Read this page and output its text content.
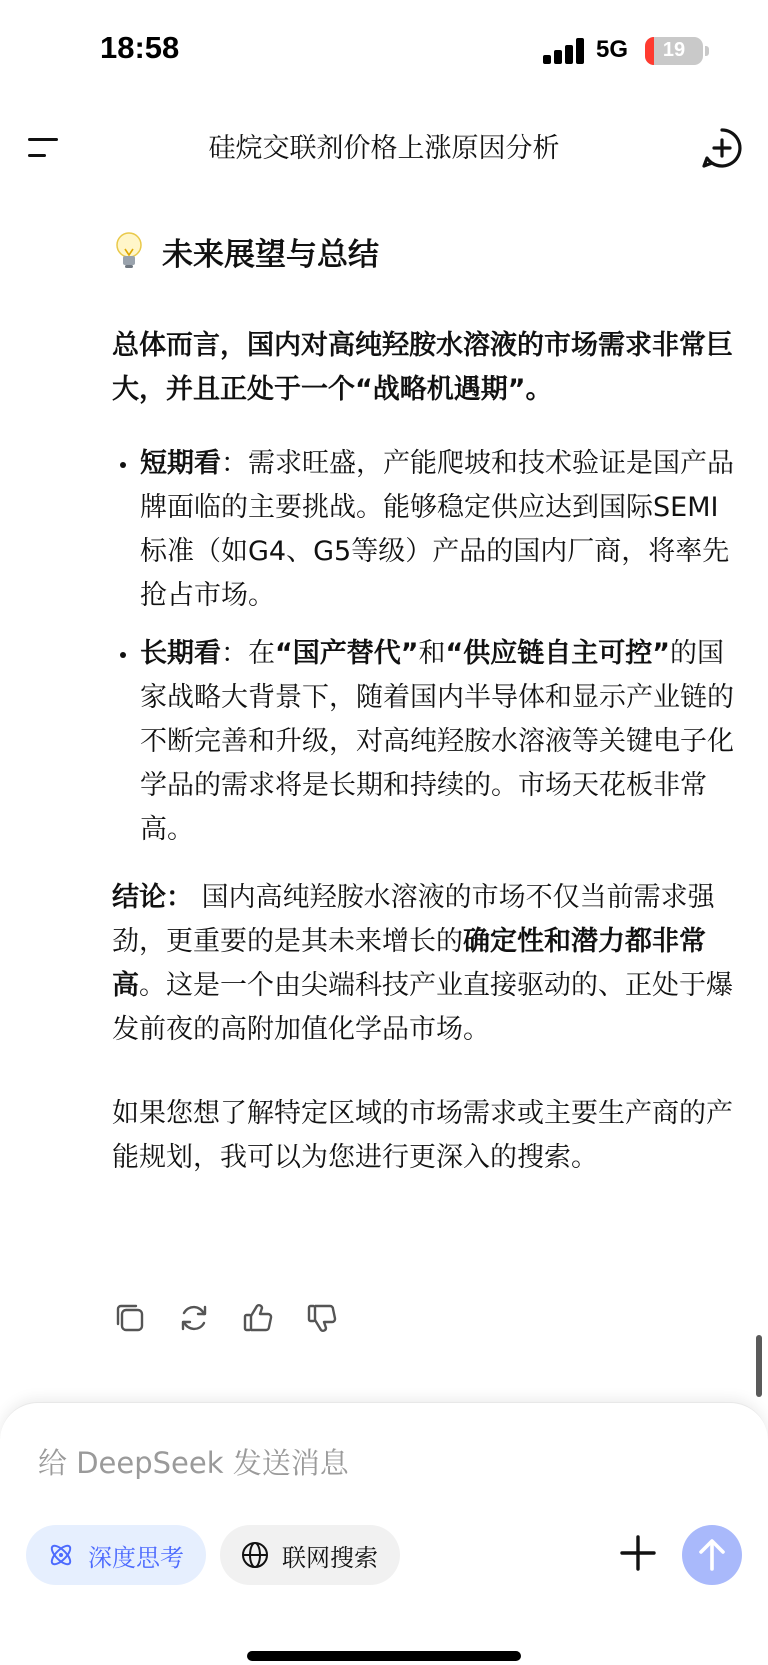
18:58	5G	19
硅烷交联剂价格上涨原因分析
未来展望与总结

总体而言，国内对高纯羟胺水溶液的市场需求非常巨大，并且正处于一个“战略机遇期”。

短期看：需求旺盛，产能爬坡和技术验证是国产品牌面临的主要挑战。能够稳定供应达到国际SEMI标准（如G4、G5等级）产品的国内厂商，将率先抢占市场。
长期看：在“国产替代”和“供应链自主可控”的国家战略大背景下，随着国内半导体和显示产业链的不断完善和升级，对高纯羟胺水溶液等关键电子化学品的需求将是长期和持续的。市场天花板非常高。

结论： 国内高纯羟胺水溶液的市场不仅当前需求强劲，更重要的是其未来增长的确定性和潜力都非常高。这是一个由尖端科技产业直接驱动的、正处于爆发前夜的高附加值化学品市场。

如果您想了解特定区域的市场需求或主要生产商的产能规划，我可以为您进行更深入的搜索。

给 DeepSeek 发送消息
深度思考	联网搜索
